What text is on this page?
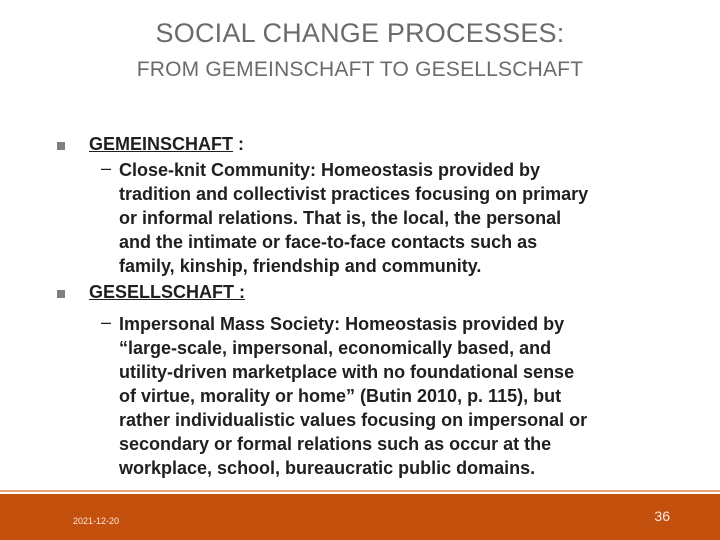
SOCIAL CHANGE PROCESSES:
FROM GEMEINSCHAFT TO GESELLSCHAFT
GEMEINSCHAFT :
– Close-knit Community: Homeostasis provided by
tradition and collectivist practices focusing on primary
or informal relations. That is, the local, the personal
and the intimate or face-to-face contacts such as
family, kinship, friendship and community.
GESELLSCHAFT :
– Impersonal Mass Society: Homeostasis provided by
“large-scale, impersonal, economically based, and
utility-driven marketplace with no foundational sense
of virtue, morality or home” (Butin 2010, p. 115), but
rather individualistic values focusing on impersonal or
secondary or formal relations such as occur at the
workplace, school, bureaucratic public domains.
2021-12-20	36
